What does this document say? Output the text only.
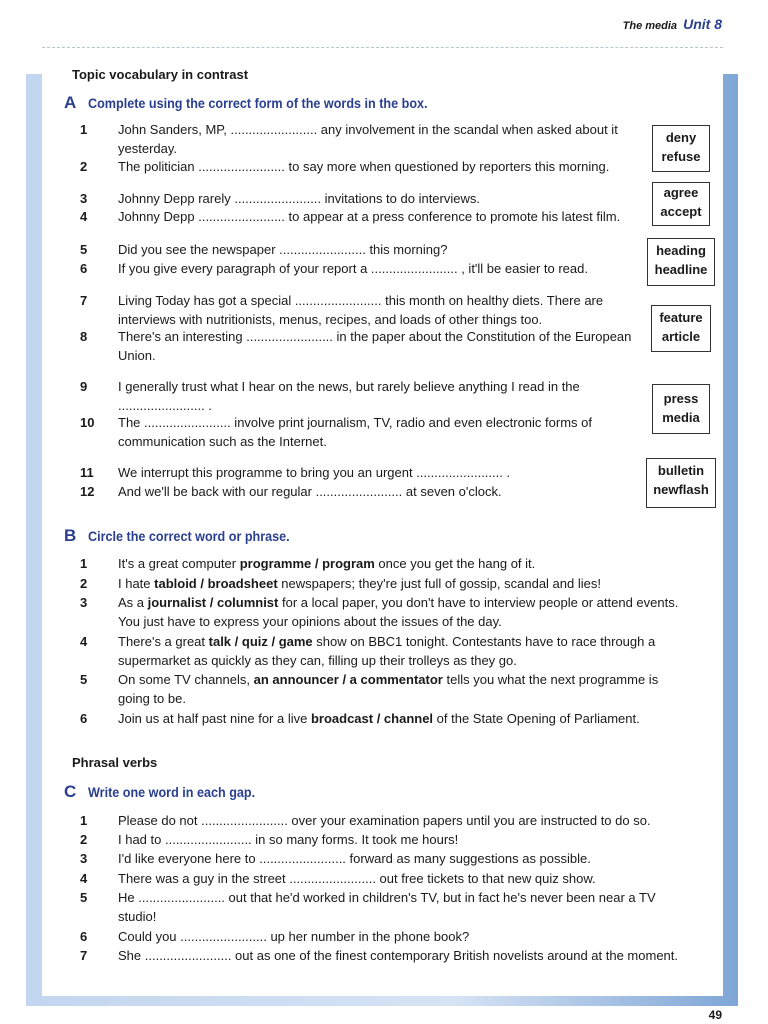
The media Unit 8
Topic vocabulary in contrast
A Complete using the correct form of the words in the box.
1	John Sanders, MP, ........................ any involvement in the scandal when asked about it yesterday.
2	The politician ........................ to say more when questioned by reporters this morning.
3	Johnny Depp rarely ........................ invitations to do interviews.
4	Johnny Depp ........................ to appear at a press conference to promote his latest film.
5	Did you see the newspaper ........................ this morning?
6	If you give every paragraph of your report a ........................ , it'll be easier to read.
7	Living Today has got a special ........................ this month on healthy diets. There are interviews with nutritionists, menus, recipes, and loads of other things too.
8	There's an interesting ........................ in the paper about the Constitution of the European Union.
9	I generally trust what I hear on the news, but rarely believe anything I read in the ........................ .
10	The ........................ involve print journalism, TV, radio and even electronic forms of communication such as the Internet.
11	We interrupt this programme to bring you an urgent ........................ .
12	And we'll be back with our regular ........................ at seven o'clock.
deny
refuse
agree
accept
heading
headline
feature
article
press
media
bulletin
newflash
B Circle the correct word or phrase.
1	It's a great computer programme / program once you get the hang of it.
2	I hate tabloid / broadsheet newspapers; they're just full of gossip, scandal and lies!
3	As a journalist / columnist for a local paper, you don't have to interview people or attend events. You just have to express your opinions about the issues of the day.
4	There's a great talk / quiz / game show on BBC1 tonight. Contestants have to race through a supermarket as quickly as they can, filling up their trolleys as they go.
5	On some TV channels, an announcer / a commentator tells you what the next programme is going to be.
6	Join us at half past nine for a live broadcast / channel of the State Opening of Parliament.
Phrasal verbs
C Write one word in each gap.
1	Please do not ........................ over your examination papers until you are instructed to do so.
2	I had to ........................ in so many forms. It took me hours!
3	I'd like everyone here to ........................ forward as many suggestions as possible.
4	There was a guy in the street ........................ out free tickets to that new quiz show.
5	He ........................ out that he'd worked in children's TV, but in fact he's never been near a TV studio!
6	Could you ........................ up her number in the phone book?
7	She ........................ out as one of the finest contemporary British novelists around at the moment.
49
